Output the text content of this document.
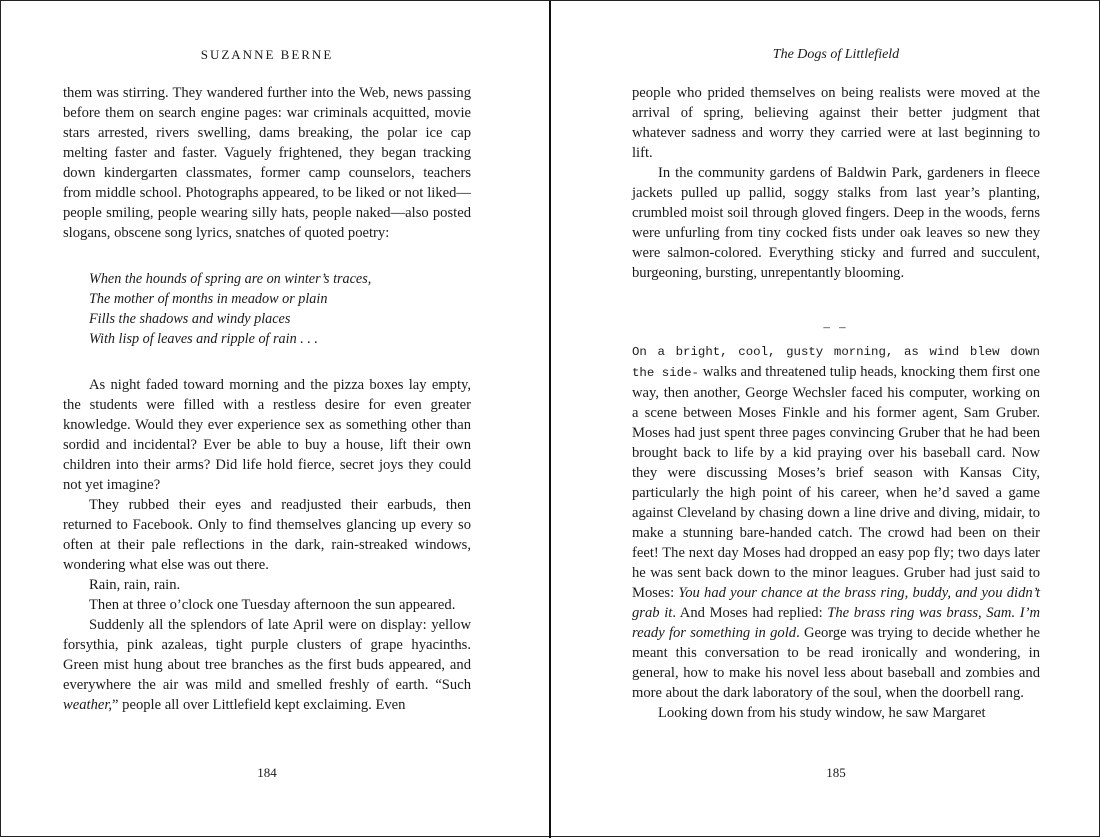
SUZANNE BERNE

them was stirring. They wandered further into the Web, news passing before them on search engine pages: war criminals acquitted, movie stars arrested, rivers swelling, dams breaking, the polar ice cap melting faster and faster. Vaguely frightened, they began tracking down kindergarten classmates, former camp counselors, teachers from middle school. Photographs appeared, to be liked or not liked—people smiling, people wearing silly hats, people naked—also posted slogans, obscene song lyrics, snatches of quoted poetry:

When the hounds of spring are on winter’s traces,
The mother of months in meadow or plain
Fills the shadows and windy places
With lisp of leaves and ripple of rain . . .

As night faded toward morning and the pizza boxes lay empty, the students were filled with a restless desire for even greater knowledge. Would they ever experience sex as something other than sordid and incidental? Ever be able to buy a house, lift their own children into their arms? Did life hold fierce, secret joys they could not yet imagine?

They rubbed their eyes and readjusted their earbuds, then returned to Facebook. Only to find themselves glancing up every so often at their pale reflections in the dark, rain-streaked windows, wondering what else was out there.

Rain, rain, rain.

Then at three o’clock one Tuesday afternoon the sun appeared.

Suddenly all the splendors of late April were on display: yellow forsythia, pink azaleas, tight purple clusters of grape hyacinths. Green mist hung about tree branches as the first buds appeared, and everywhere the air was mild and smelled freshly of earth. “Such weather,” people all over Littlefield kept exclaiming. Even

184
The Dogs of Littlefield

people who prided themselves on being realists were moved at the arrival of spring, believing against their better judgment that whatever sadness and worry they carried were at last beginning to lift.

In the community gardens of Baldwin Park, gardeners in fleece jackets pulled up pallid, soggy stalks from last year’s planting, crumbled moist soil through gloved fingers. Deep in the woods, ferns were unfurling from tiny cocked fists under oak leaves so new they were salmon-colored. Everything sticky and furred and succulent, burgeoning, bursting, unrepentantly blooming.

– –

On a bright, cool, gusty morning, as wind blew down the side- walks and threatened tulip heads, knocking them first one way, then another, George Wechsler faced his computer, working on a scene between Moses Finkle and his former agent, Sam Gruber. Moses had just spent three pages convincing Gruber that he had been brought back to life by a kid praying over his baseball card. Now they were discussing Moses’s brief season with Kansas City, particularly the high point of his career, when he’d saved a game against Cleveland by chasing down a line drive and diving, midair, to make a stunning bare-handed catch. The crowd had been on their feet! The next day Moses had dropped an easy pop fly; two days later he was sent back down to the minor leagues. Gruber had just said to Moses: You had your chance at the brass ring, buddy, and you didn’t grab it. And Moses had replied: The brass ring was brass, Sam. I’m ready for something in gold. George was trying to decide whether he meant this conversation to be read ironically and wondering, in general, how to make his novel less about baseball and zombies and more about the dark laboratory of the soul, when the doorbell rang.

Looking down from his study window, he saw Margaret

185
